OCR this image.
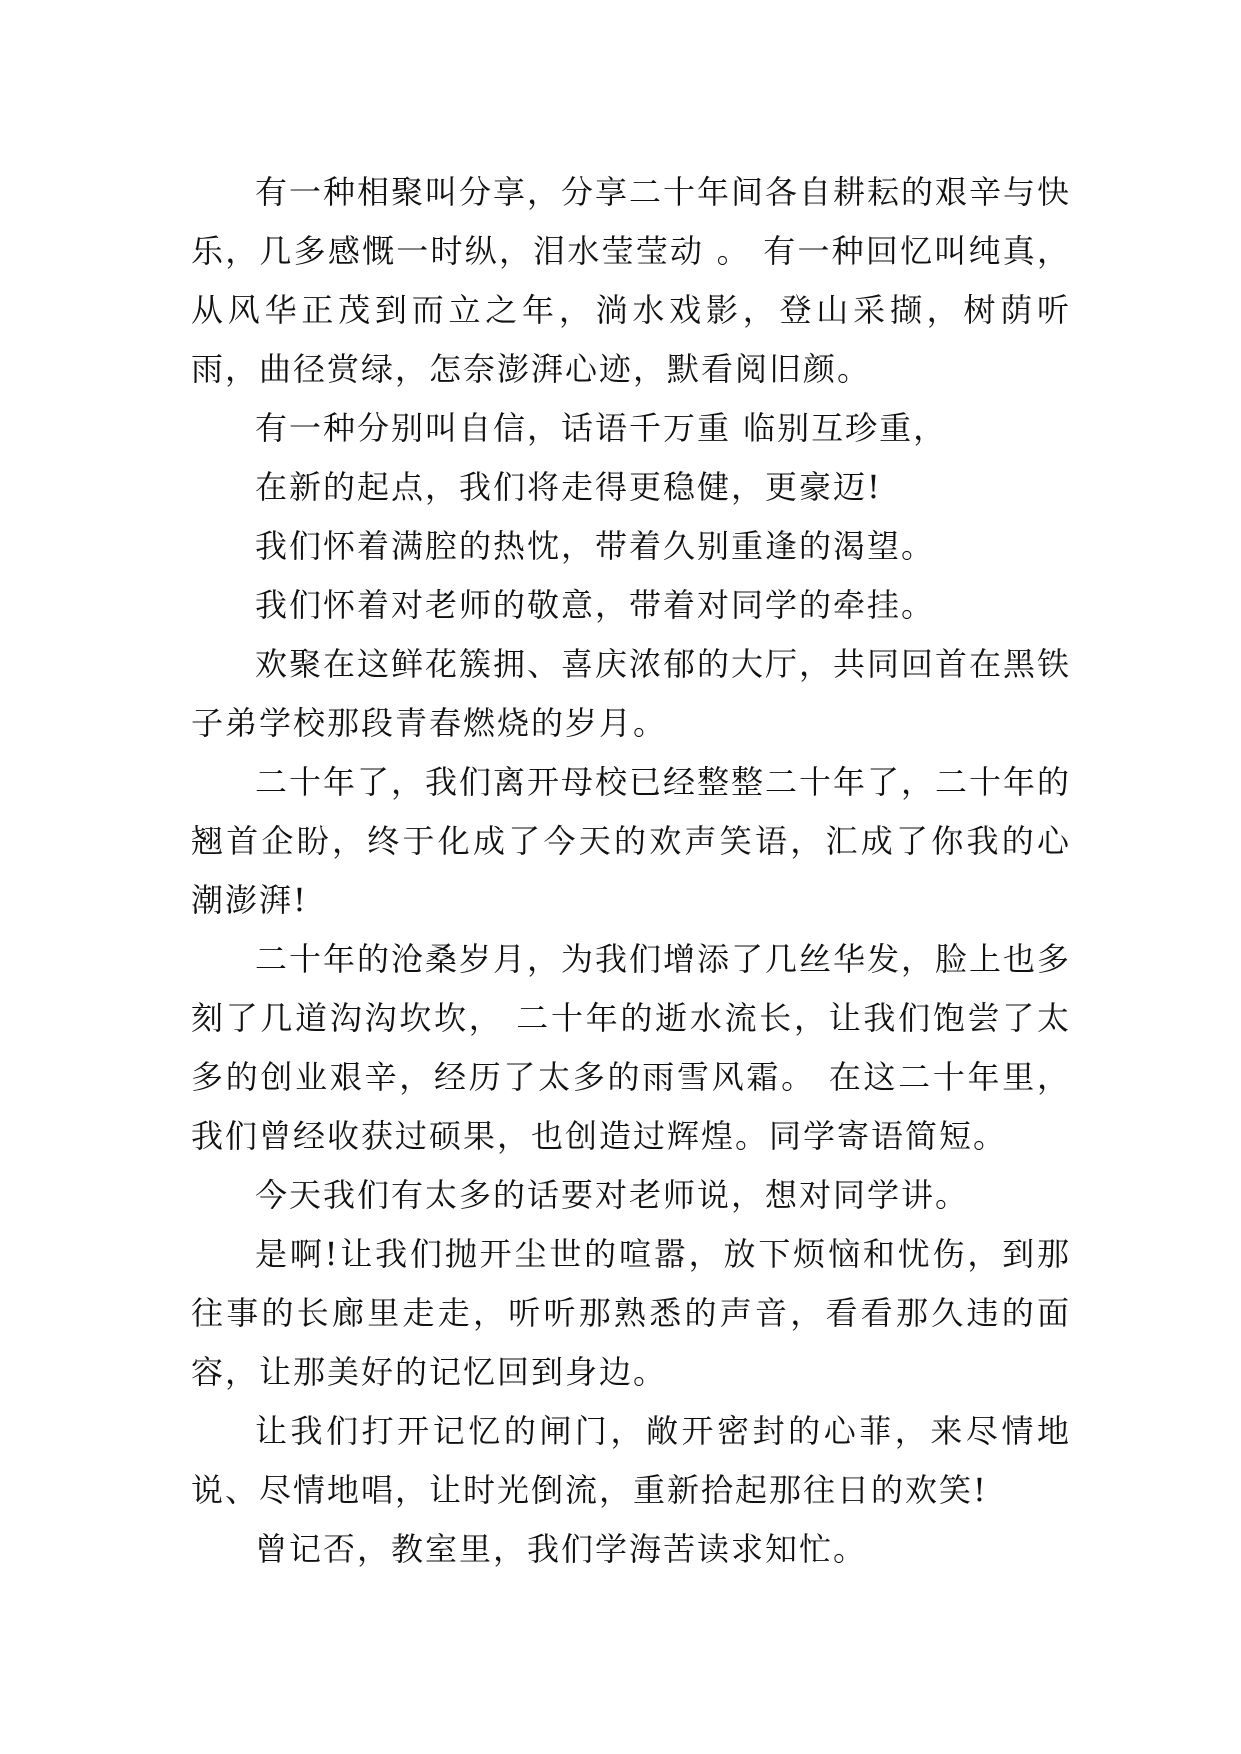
有一种相聚叫分享，分享二十年间各自耕耘的艰辛与快乐，几多感慨一时纵，泪水莹莹动 。 有一种回忆叫纯真，从风华正茂到而立之年，淌水戏影，登山采撷，树荫听雨，曲径赏绿，怎奈澎湃心迹，默看阅旧颜。

有一种分别叫自信，话语千万重 临别互珍重，

在新的起点，我们将走得更稳健，更豪迈!

我们怀着满腔的热忱，带着久别重逢的渴望。

我们怀着对老师的敬意，带着对同学的牵挂。

欢聚在这鲜花簇拥、喜庆浓郁的大厅，共同回首在黑铁子弟学校那段青春燃烧的岁月。

二十年了，我们离开母校已经整整二十年了，二十年的翘首企盼，终于化成了今天的欢声笑语，汇成了你我的心潮澎湃!

二十年的沧桑岁月，为我们增添了几丝华发，脸上也多刻了几道沟沟坎坎， 二十年的逝水流长，让我们饱尝了太多的创业艰辛，经历了太多的雨雪风霜。 在这二十年里，我们曾经收获过硕果，也创造过辉煌。同学寄语简短。

今天我们有太多的话要对老师说，想对同学讲。

是啊!让我们抛开尘世的喧嚣，放下烦恼和忧伤，到那往事的长廊里走走，听听那熟悉的声音，看看那久违的面容，让那美好的记忆回到身边。

让我们打开记忆的闸门，敞开密封的心菲，来尽情地说、尽情地唱，让时光倒流，重新拾起那往日的欢笑!

曾记否，教室里，我们学海苦读求知忙。
